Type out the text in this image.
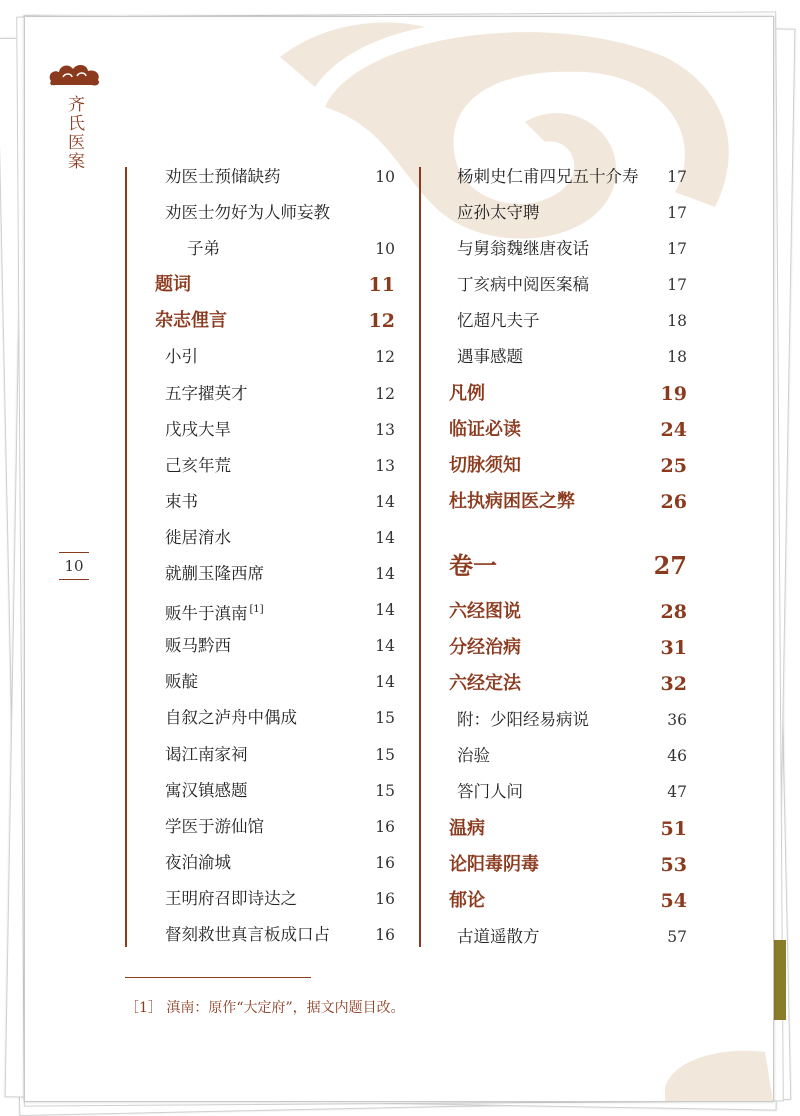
齐氏医案
10
劝医士预储缺药	10
劝医士勿好为人师妄教
子弟	10
题词	11
杂志俚言	12
小引	12
五字擢英才	12
戊戌大旱	13
己亥年荒	13
束书	14
徙居淯水	14
就蒯玉隆西席	14
贩牛于滇南 [1]	14
贩马黔西	14
贩靛	14
自叙之泸舟中偶成	15
谒江南家祠	15
寓汉镇感题	15
学医于游仙馆	16
夜泊渝城	16
王明府召即诗达之	16
督刻救世真言板成口占	16
杨刺史仁甫四兄五十介寿 17
应孙太守聘	17
与舅翁魏继唐夜话	17
丁亥病中阅医案稿	17
忆超凡夫子	18
遇事感题	18
凡例	19
临证必读	24
切脉须知	25
杜执病困医之弊	26
卷一	27
六经图说	28
分经治病	31
六经定法	32
附：少阳经易病说	36
治验	46
答门人问	47
温病	51
论阳毒阴毒	53
郁论	54
古道遥散方	57
［1］ 滇南：原作“大定府”，据文内题目改。
